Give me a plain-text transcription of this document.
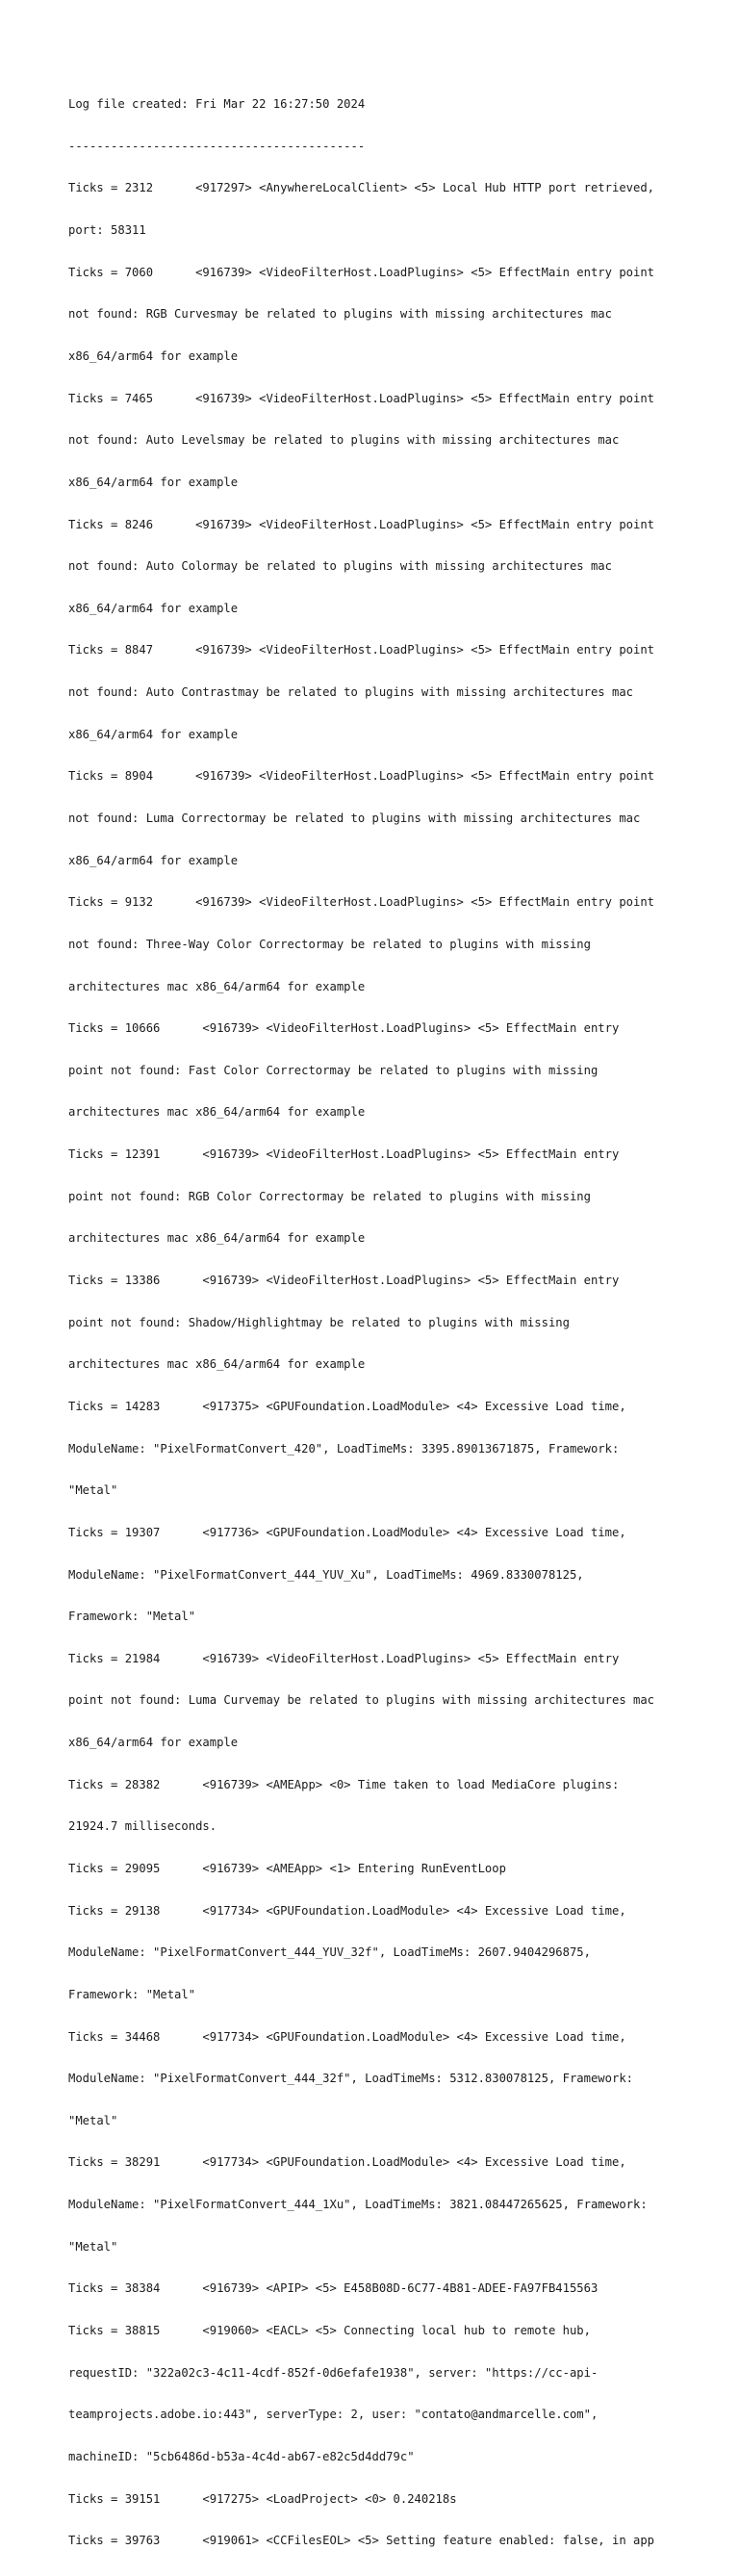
Log file created: Fri Mar 22 16:27:50 2024

------------------------------------------

Ticks = 2312      <917297> <AnywhereLocalClient> <5> Local Hub HTTP port retrieved,

port: 58311

Ticks = 7060      <916739> <VideoFilterHost.LoadPlugins> <5> EffectMain entry point

not found: RGB Curvesmay be related to plugins with missing architectures mac

x86_64/arm64 for example

Ticks = 7465      <916739> <VideoFilterHost.LoadPlugins> <5> EffectMain entry point

not found: Auto Levelsmay be related to plugins with missing architectures mac

x86_64/arm64 for example

Ticks = 8246      <916739> <VideoFilterHost.LoadPlugins> <5> EffectMain entry point

not found: Auto Colormay be related to plugins with missing architectures mac

x86_64/arm64 for example

Ticks = 8847      <916739> <VideoFilterHost.LoadPlugins> <5> EffectMain entry point

not found: Auto Contrastmay be related to plugins with missing architectures mac

x86_64/arm64 for example

Ticks = 8904      <916739> <VideoFilterHost.LoadPlugins> <5> EffectMain entry point

not found: Luma Correctormay be related to plugins with missing architectures mac

x86_64/arm64 for example

Ticks = 9132      <916739> <VideoFilterHost.LoadPlugins> <5> EffectMain entry point

not found: Three-Way Color Correctormay be related to plugins with missing

architectures mac x86_64/arm64 for example

Ticks = 10666      <916739> <VideoFilterHost.LoadPlugins> <5> EffectMain entry

point not found: Fast Color Correctormay be related to plugins with missing

architectures mac x86_64/arm64 for example

Ticks = 12391      <916739> <VideoFilterHost.LoadPlugins> <5> EffectMain entry

point not found: RGB Color Correctormay be related to plugins with missing

architectures mac x86_64/arm64 for example

Ticks = 13386      <916739> <VideoFilterHost.LoadPlugins> <5> EffectMain entry

point not found: Shadow/Highlightmay be related to plugins with missing

architectures mac x86_64/arm64 for example

Ticks = 14283      <917375> <GPUFoundation.LoadModule> <4> Excessive Load time,

ModuleName: "PixelFormatConvert_420", LoadTimeMs: 3395.89013671875, Framework:

"Metal"

Ticks = 19307      <917736> <GPUFoundation.LoadModule> <4> Excessive Load time,

ModuleName: "PixelFormatConvert_444_YUV_Xu", LoadTimeMs: 4969.8330078125,

Framework: "Metal"

Ticks = 21984      <916739> <VideoFilterHost.LoadPlugins> <5> EffectMain entry

point not found: Luma Curvemay be related to plugins with missing architectures mac

x86_64/arm64 for example

Ticks = 28382      <916739> <AMEApp> <0> Time taken to load MediaCore plugins:

21924.7 milliseconds.

Ticks = 29095      <916739> <AMEApp> <1> Entering RunEventLoop

Ticks = 29138      <917734> <GPUFoundation.LoadModule> <4> Excessive Load time,

ModuleName: "PixelFormatConvert_444_YUV_32f", LoadTimeMs: 2607.9404296875,

Framework: "Metal"

Ticks = 34468      <917734> <GPUFoundation.LoadModule> <4> Excessive Load time,

ModuleName: "PixelFormatConvert_444_32f", LoadTimeMs: 5312.830078125, Framework:

"Metal"

Ticks = 38291      <917734> <GPUFoundation.LoadModule> <4> Excessive Load time,

ModuleName: "PixelFormatConvert_444_1Xu", LoadTimeMs: 3821.08447265625, Framework:

"Metal"

Ticks = 38384      <916739> <APIP> <5> E458B08D-6C77-4B81-ADEE-FA97FB415563

Ticks = 38815      <919060> <EACL> <5> Connecting local hub to remote hub,

requestID: "322a02c3-4c11-4cdf-852f-0d6efafe1938", server: "https://cc-api-

teamprojects.adobe.io:443", serverType: 2, user: "contato@andmarcelle.com",

machineID: "5cb6486d-b53a-4c4d-ab67-e82c5d4dd79c"

Ticks = 39151      <917275> <LoadProject> <0> 0.240218s

Ticks = 39763      <919061> <CCFilesEOL> <5> Setting feature enabled: false, in app
